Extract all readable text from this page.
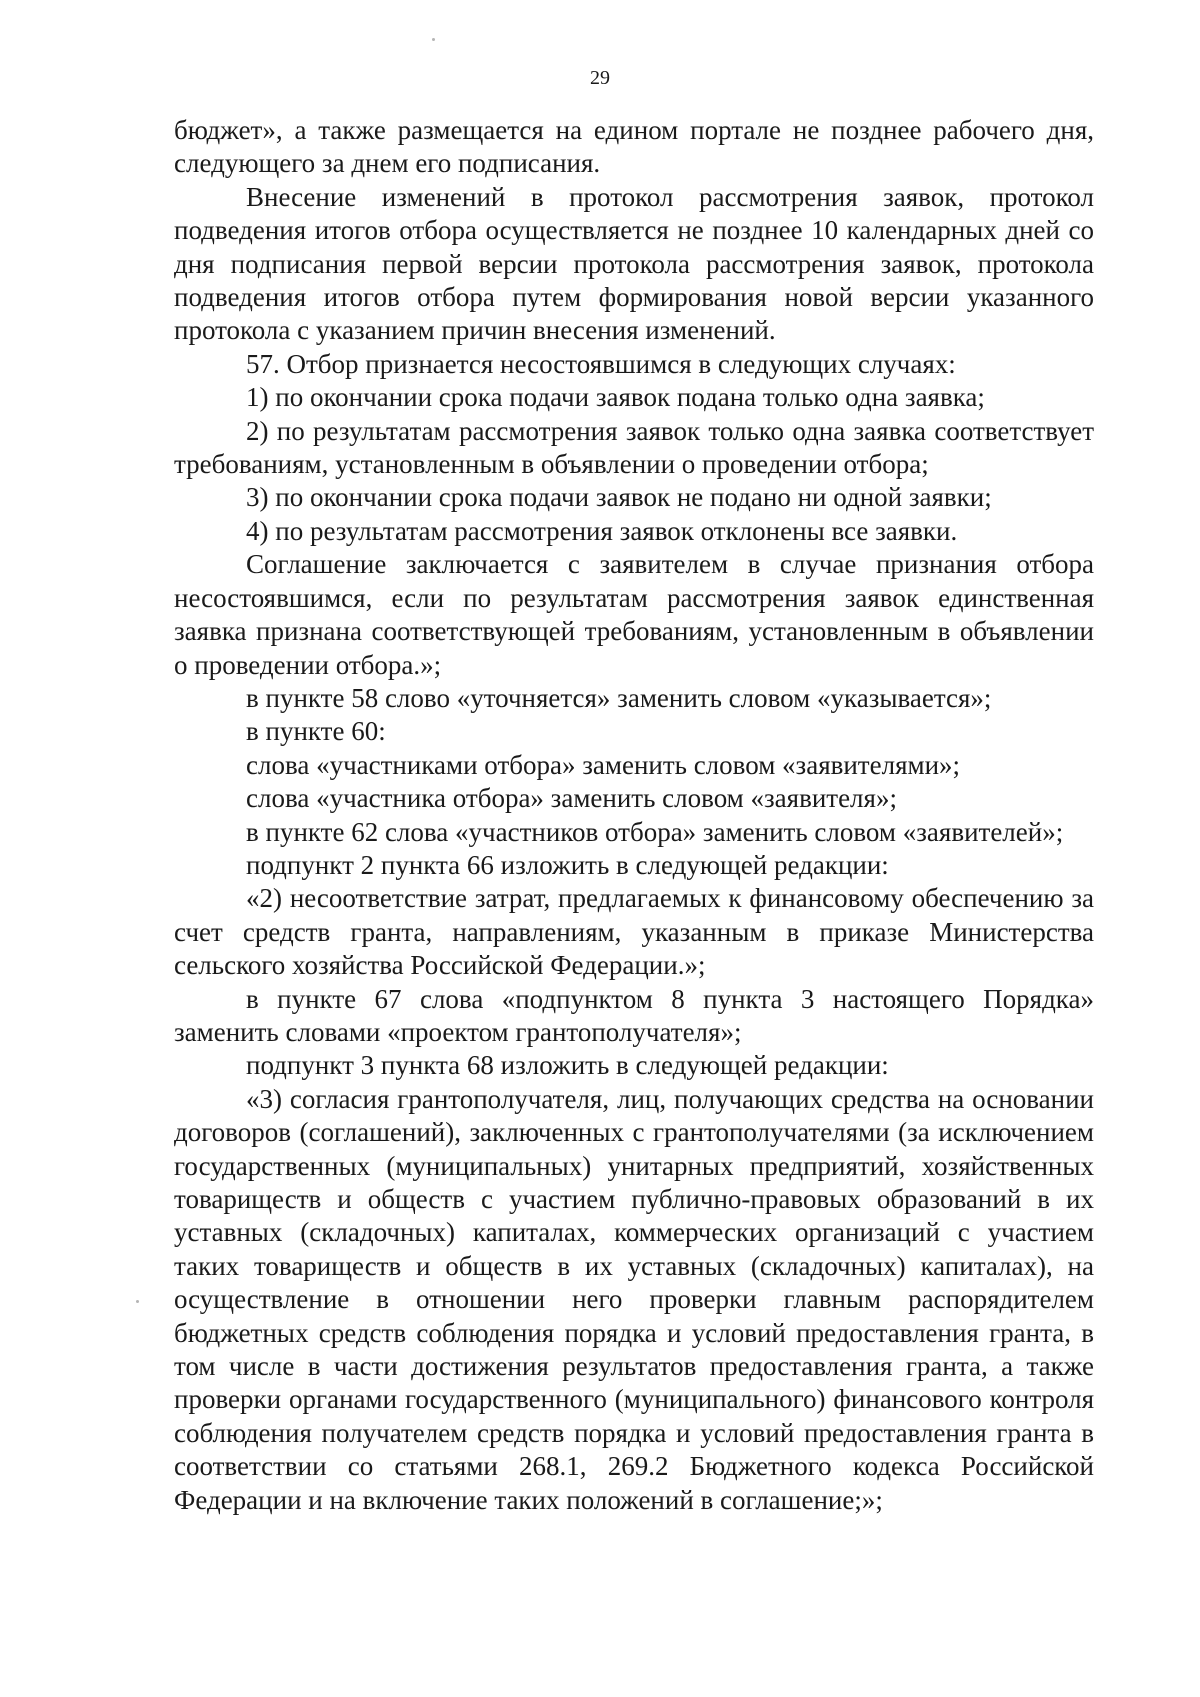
29

бюджет», а также размещается на едином портале не позднее рабочего дня, следующего за днем его подписания.

Внесение изменений в протокол рассмотрения заявок, протокол подведения итогов отбора осуществляется не позднее 10 календарных дней со дня подписания первой версии протокола рассмотрения заявок, протокола подведения итогов отбора путем формирования новой версии указанного протокола с указанием причин внесения изменений.

57. Отбор признается несостоявшимся в следующих случаях:

1) по окончании срока подачи заявок подана только одна заявка;

2) по результатам рассмотрения заявок только одна заявка соответствует требованиям, установленным в объявлении о проведении отбора;

3) по окончании срока подачи заявок не подано ни одной заявки;

4) по результатам рассмотрения заявок отклонены все заявки.

Соглашение заключается с заявителем в случае признания отбора несостоявшимся, если по результатам рассмотрения заявок единственная заявка признана соответствующей требованиям, установленным в объявлении о проведении отбора.»;

в пункте 58 слово «уточняется» заменить словом «указывается»;

в пункте 60:

слова «участниками отбора» заменить словом «заявителями»;

слова «участника отбора» заменить словом «заявителя»;

в пункте 62 слова «участников отбора» заменить словом «заявителей»;

подпункт 2 пункта 66 изложить в следующей редакции:

«2) несоответствие затрат, предлагаемых к финансовому обеспечению за счет средств гранта, направлениям, указанным в приказе Министерства сельского хозяйства Российской Федерации.»;

в пункте 67 слова «подпунктом 8 пункта 3 настоящего Порядка» заменить словами «проектом грантополучателя»;

подпункт 3 пункта 68 изложить в следующей редакции:

«3) согласия грантополучателя, лиц, получающих средства на основании договоров (соглашений), заключенных с грантополучателями (за исключением государственных (муниципальных) унитарных предприятий, хозяйственных товариществ и обществ с участием публично-правовых образований в их уставных (складочных) капиталах, коммерческих организаций с участием таких товариществ и обществ в их уставных (складочных) капиталах), на осуществление в отношении него проверки главным распорядителем бюджетных средств соблюдения порядка и условий предоставления гранта, в том числе в части достижения результатов предоставления гранта, а также проверки органами государственного (муниципального) финансового контроля соблюдения получателем средств порядка и условий предоставления гранта в соответствии со статьями 268.1, 269.2 Бюджетного кодекса Российской Федерации и на включение таких положений в соглашение;»;
